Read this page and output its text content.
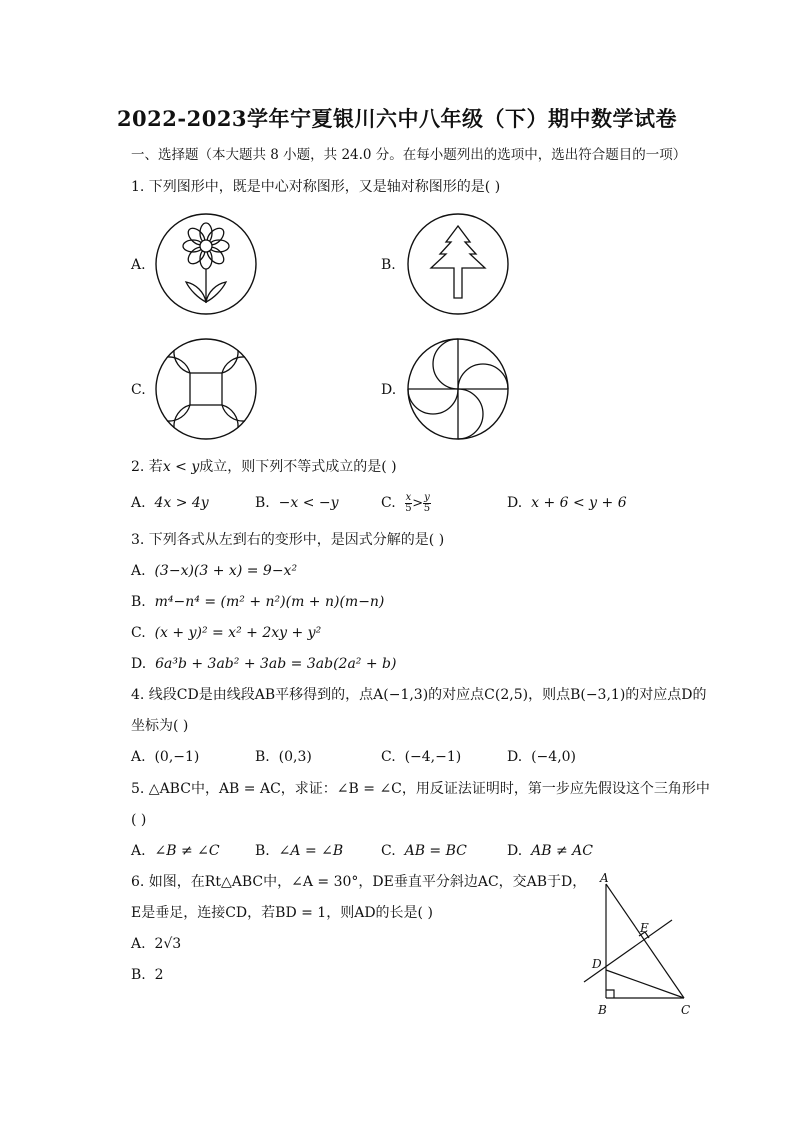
2022-2023学年宁夏银川六中八年级（下）期中数学试卷
一、选择题（本大题共 8 小题，共 24.0 分。在每小题列出的选项中，选出符合题目的一项）
1. 下列图形中，既是中心对称图形，又是轴对称图形的是( )
A.	B.
C.	D.
2. 若x < y成立，则下列不等式成立的是( )
A. 4x > 4y	B. −x < −y	C. $\frac{x}{5} > \frac{y}{5}$	D. x + 6 < y + 6
3. 下列各式从左到右的变形中，是因式分解的是( )
A. (3−x)(3 + x) = 9−x²
B. m⁴−n⁴ = (m² + n²)(m + n)(m−n)
C. (x + y)² = x² + 2xy + y²
D. 6a³b + 3ab² + 3ab = 3ab(2a² + b)
4. 线段CD是由线段AB平移得到的，点A(−1,3)的对应点C(2,5)，则点B(−3,1)的对应点D的
坐标为( )
A. (0,−1)	B. (0,3)	C. (−4,−1)	D. (−4,0)
5. △ABC中，AB = AC，求证：∠B = ∠C，用反证法证明时，第一步应先假设这个三角形中
( )
A. ∠B ≠ ∠C	B. ∠A = ∠B	C. AB = BC	D. AB ≠ AC
6. 如图，在Rt△ABC中，∠A = 30°，DE垂直平分斜边AC，交AB于D，
E是垂足，连接CD，若BD = 1，则AD的长是( )
A. 2√3
B. 2
A
B	C
D
E
